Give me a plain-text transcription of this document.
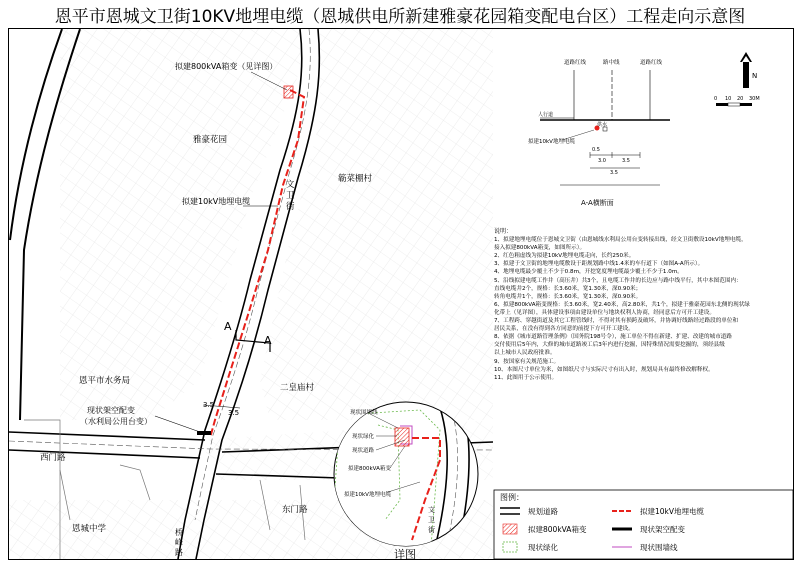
恩平市恩城文卫街10KV地埋电缆（恩城供电所新建雅豪花园箱变配电台区）工程走向示意图
拟建800kVA箱变（见详图）
雅豪花园
文卫街
拟建10kV地埋电缆
簕菜棚村
A
A
恩平市水务局
二皇庙村
现状架空配变
（水利局公用台变）
西门路
东门路
桥峰路
恩城中学
详图
3.5
3.5	现状围墙线
现状绿化
现状道路
拟建800kVA箱变
拟建10kV地埋电缆
文卫街
道路红线	路中线	道路红线
人行道
供水
拟建10kV地埋电缆
0.5
3.0	3.5
3.5
A-A横断面
N
0 10 20 30M
说明：
1、拟建地埋电缆位于恩城文卫街（由恩城线水利局公用台变转接出线，经文卫街敷设10kV地埋电缆，
接入拟建800kVA箱变，如图所示）。
2、红色粗虚线为拟建10kV地埋电缆走向，长约250米。
3、拟建于文卫街的地埋电缆敷设于距规划路中线1.4米的车行道下（如图A-A所示）。
4、地埋电缆最少覆土不少于0.8m，开挖宽度埋电缆最少覆土不少于1.0m。
5、沿线拟建电缆工作井（高压井）共3个，且电缆工作井的长边应与路中线平行，其中本图范围内：
直线电缆井2个，规格：长3.60米，宽1.30米，深0.90米；
转角电缆井1个，规格：长3.60米，宽1.30米，深0.90米。
6、拟建800kVA箱变规格：长3.60米，宽2.40米，高2.80米，共1个，拟建于雅豪花园东北侧的现状绿
化带上（见详图），具体建设事项由建设单位与地块权利人协商，经同意后方可开工建设。
7、工程跨、穿越街道及其它工程管线时，不得对其有损跨及破坏，并协调好线路经过路段的单位和
居民关系，在没有得到各方同意的前提下方可开工建设。
8、依据《城市道路管理条例》（国务院198号令），施工单位不得在新建、扩建、改建的城市道路
交付使用后5年内，大修的城市道路竣工后3年内进行挖掘，因特殊情况需要挖掘的，须经县级
以上城市人民政府批准。
9、按国家有关规范施工。
10、本图尺寸单位为米，如图纸尺寸与实际尺寸有出入时，规划局具有最终修改解释权。
11、此图用于公示使用。
图例：
规划道路	拟建10kV地埋电缆
拟建800kVA箱变	现状架空配变
现状绿化	现状围墙线
